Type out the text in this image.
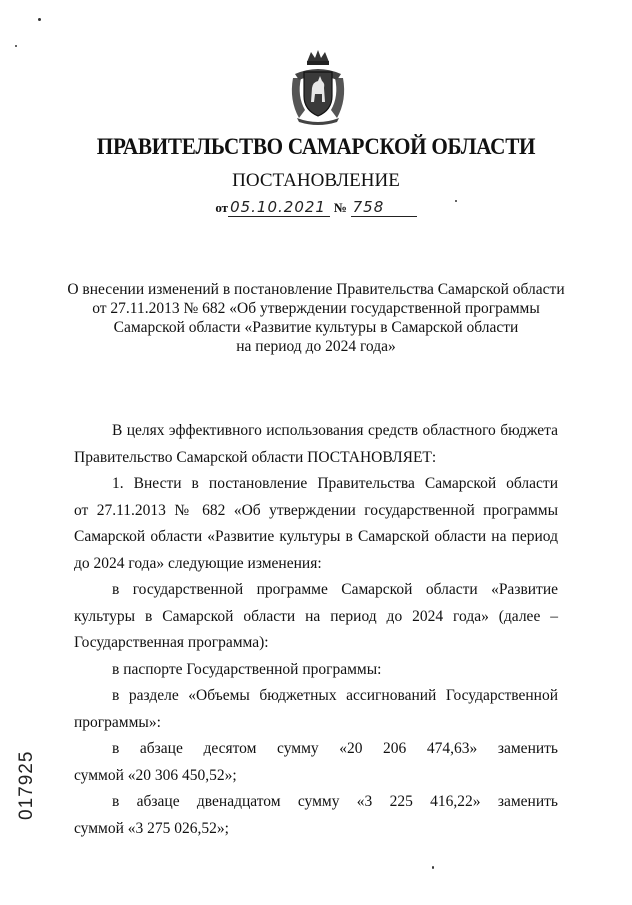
ПРАВИТЕЛЬСТВО САМАРСКОЙ ОБЛАСТИ
ПОСТАНОВЛЕНИЕ
от 05.10.2021 № 758
О внесении изменений в постановление Правительства Самарской области
от 27.11.2013 № 682 «Об утверждении государственной программы
Самарской области «Развитие культуры в Самарской области
на период до 2024 года»
В целях эффективного использования средств областного бюджета
Правительство Самарской области ПОСТАНОВЛЯЕТ:
1. Внести в постановление Правительства Самарской области
от 27.11.2013 № 682 «Об утверждении государственной программы
Самарской области «Развитие культуры в Самарской области на период
до 2024 года» следующие изменения:
в государственной программе Самарской области «Развитие
культуры в Самарской области на период до 2024 года» (далее –
Государственная программа):
в паспорте Государственной программы:
в разделе «Объемы бюджетных ассигнований Государственной
программы»:
в абзаце десятом сумму «20 206 474,63» заменить
суммой «20 306 450,52»;
в абзаце двенадцатом сумму «3 225 416,22» заменить
суммой «3 275 026,52»;
017925
